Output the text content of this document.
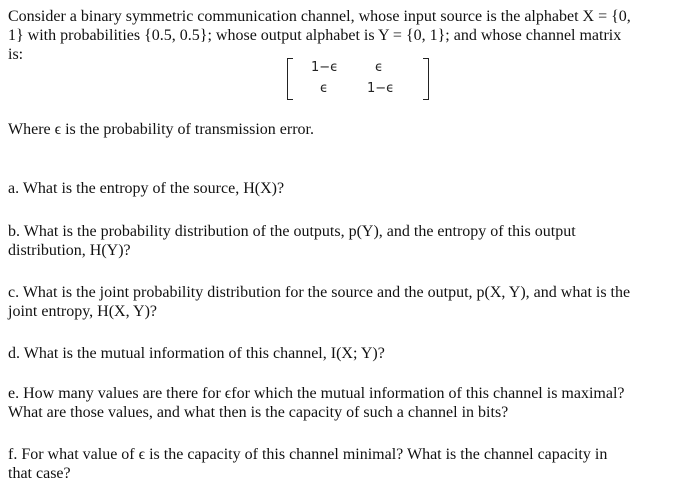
Consider a binary symmetric communication channel, whose input source is the alphabet X = {0,
1} with probabilities {0.5, 0.5}; whose output alphabet is Y = {0, 1}; and whose channel matrix
is:
1−ϵ	ϵ
ϵ	1−ϵ
Where ϵ is the probability of transmission error.
a. What is the entropy of the source, H(X)?
b. What is the probability distribution of the outputs, p(Y), and the entropy of this output
distribution, H(Y)?
c. What is the joint probability distribution for the source and the output, p(X, Y), and what is the
joint entropy, H(X, Y)?
d. What is the mutual information of this channel, I(X; Y)?
e. How many values are there for ϵfor which the mutual information of this channel is maximal?
What are those values, and what then is the capacity of such a channel in bits?
f. For what value of ϵ is the capacity of this channel minimal? What is the channel capacity in
that case?
